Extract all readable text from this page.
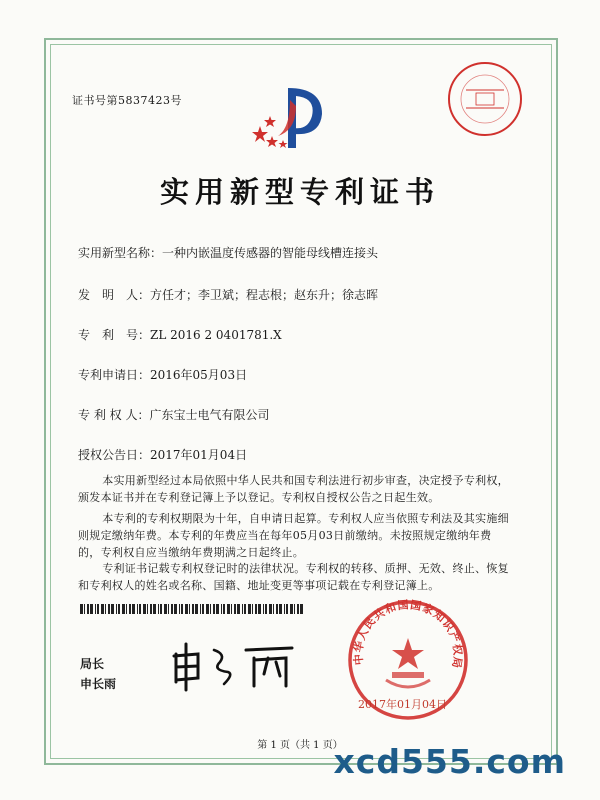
证书号第5837423号
实用新型专利证书
实用新型名称：一种内嵌温度传感器的智能母线槽连接头
发　明　人：方任才；李卫斌；程志根；赵东升；徐志晖
专　利　号：ZL 2016 2 0401781.X
专利申请日：2016年05月03日
专 利 权 人：广东宝士电气有限公司
授权公告日：2017年01月04日
本实用新型经过本局依照中华人民共和国专利法进行初步审查，决定授予专利权，颁发本证书并在专利登记簿上予以登记。专利权自授权公告之日起生效。
本专利的专利权期限为十年，自申请日起算。专利权人应当依照专利法及其实施细则规定缴纳年费。本专利的年费应当在每年05月03日前缴纳。未按照规定缴纳年费的，专利权自应当缴纳年费期满之日起终止。
专利证书记载专利权登记时的法律状况。专利权的转移、质押、无效、终止、恢复和专利权人的姓名或名称、国籍、地址变更等事项记载在专利登记簿上。
局长
申长雨
中华人民共和国国家知识产权局
2017年01月04日
第 1 页（共 1 页）
xcd555.com
